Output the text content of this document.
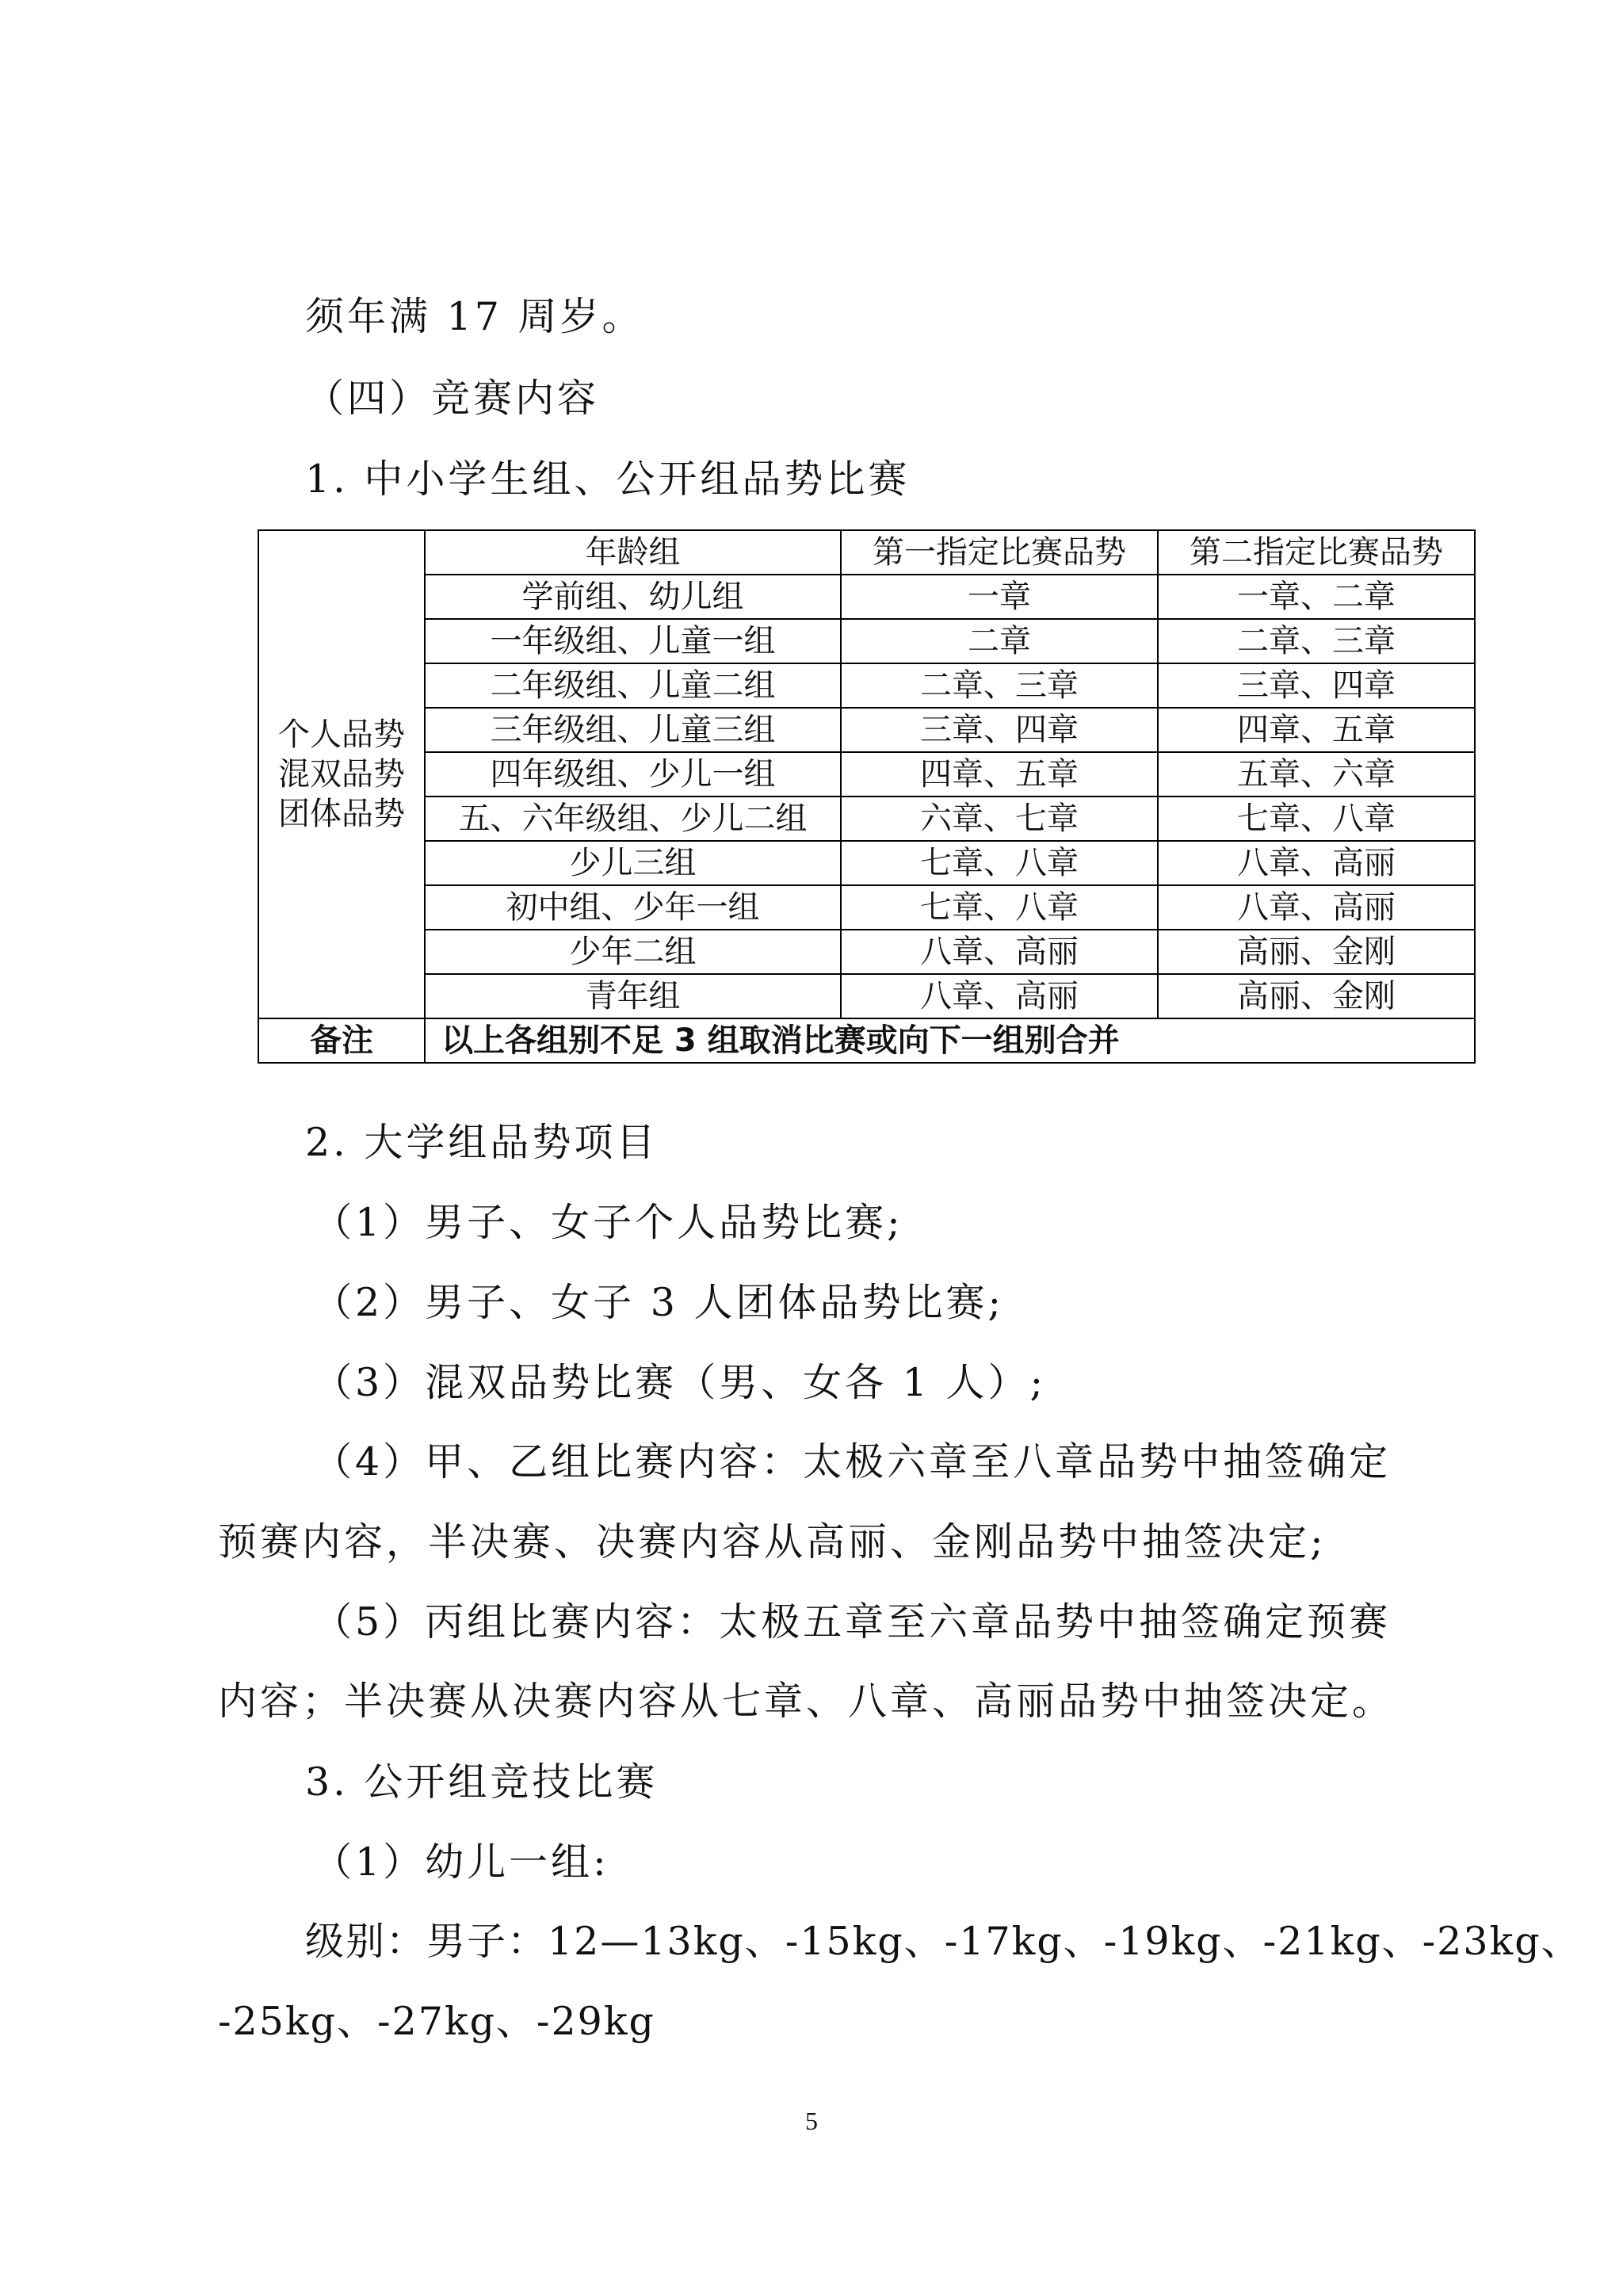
须年满 17 周岁。
（四）竞赛内容
1. 中小学生组、公开组品势比赛
个人品势
混双品势
团体品势	年龄组	第一指定比赛品势	第二指定比赛品势
	学前组、幼儿组	一章	一章、二章
	一年级组、儿童一组	二章	二章、三章
	二年级组、儿童二组	二章、三章	三章、四章
	三年级组、儿童三组	三章、四章	四章、五章
	四年级组、少儿一组	四章、五章	五章、六章
	五、六年级组、少儿二组	六章、七章	七章、八章
	少儿三组	七章、八章	八章、高丽
	初中组、少年一组	七章、八章	八章、高丽
	少年二组	八章、高丽	高丽、金刚
	青年组	八章、高丽	高丽、金刚
备注	以上各组别不足 3 组取消比赛或向下一组别合并		
2. 大学组品势项目
（1）男子、女子个人品势比赛;
（2）男子、女子 3 人团体品势比赛;
（3）混双品势比赛（男、女各 1 人）;
（4）甲、乙组比赛内容：太极六章至八章品势中抽签确定
预赛内容，半决赛、决赛内容从高丽、金刚品势中抽签决定;
（5）丙组比赛内容：太极五章至六章品势中抽签确定预赛
内容；半决赛从决赛内容从七章、八章、高丽品势中抽签决定。
3. 公开组竞技比赛
（1）幼儿一组:
级别：男子：12—13kg、-15kg、-17kg、-19kg、-21kg、-23kg、
-25kg、-27kg、-29kg
5
